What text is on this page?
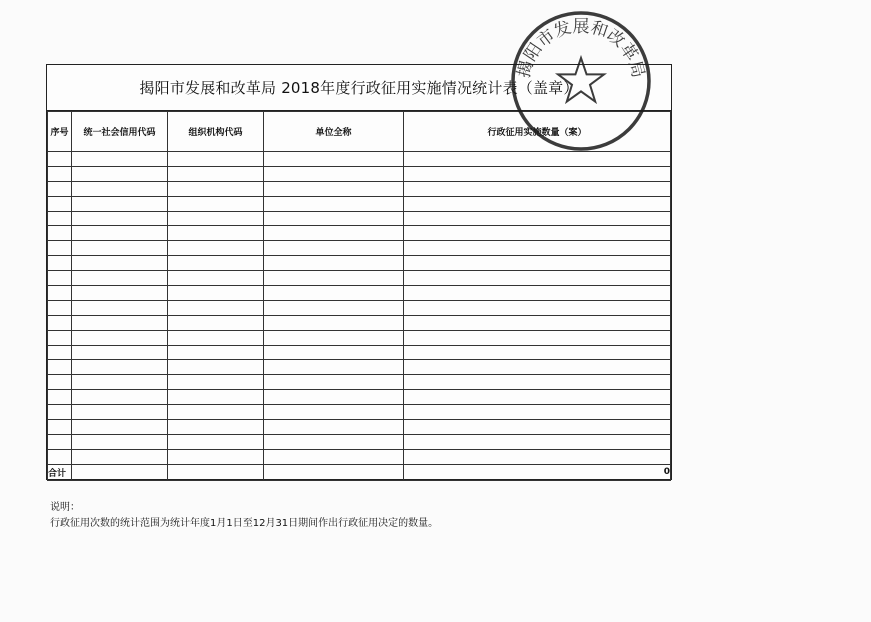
揭阳市发展和改革局 2018年度行政征用实施情况统计表（盖章）
序号	统一社会信用代码	组织机构代码	单位全称	行政征用实施数量（案）

合计				0
说明：
行政征用次数的统计范围为统计年度1月1日至12月31日期间作出行政征用决定的数量。
揭阳市发展和改革局
